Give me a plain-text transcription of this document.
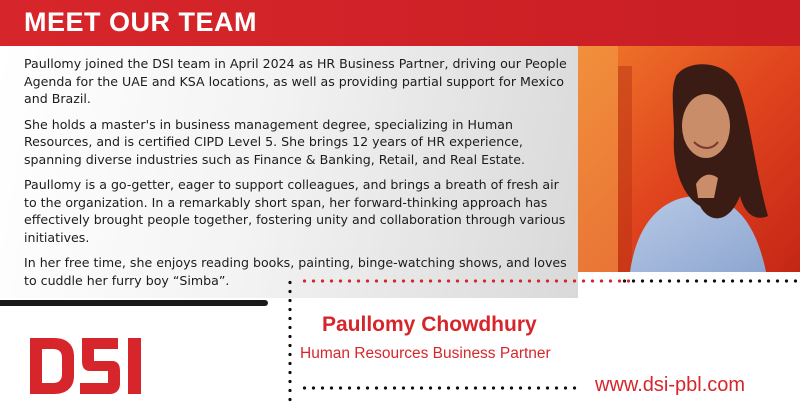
MEET OUR TEAM

Paullomy joined the DSI team in April 2024 as HR Business Partner, driving our People Agenda for the UAE and KSA locations, as well as providing partial support for Mexico and Brazil.

She holds a master's in business management degree, specializing in Human Resources, and is certified CIPD Level 5. She brings 12 years of HR experience, spanning diverse industries such as Finance & Banking, Retail, and Real Estate.

Paullomy is a go-getter, eager to support colleagues, and brings a breath of fresh air to the organization. In a remarkably short span, her forward-thinking approach has effectively brought people together, fostering unity and collaboration through various initiatives.

In her free time, she enjoys reading books, painting, binge-watching shows, and loves to cuddle her furry boy “Simba”.

Paullomy Chowdhury
Human Resources Business Partner
www.dsi-pbl.com
